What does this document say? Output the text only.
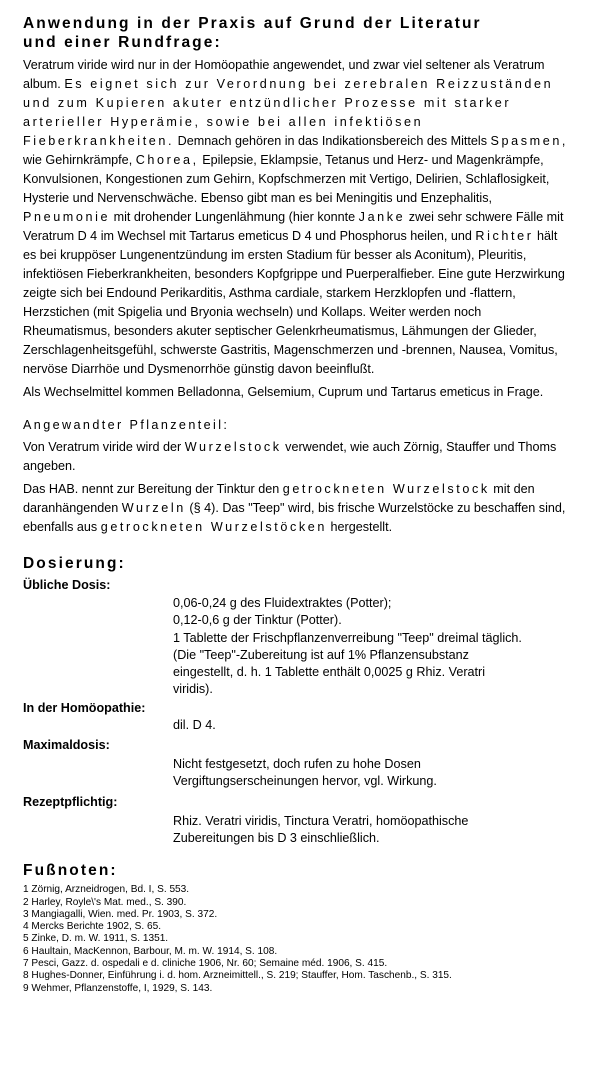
Anwendung in der Praxis auf Grund der Literatur
und einer Rundfrage:

Veratrum viride wird nur in der Homöopathie angewendet, und zwar viel seltener als Veratrum album. Es eignet sich zur Verordnung bei zerebralen Reizzuständen und zum Kupieren akuter entzündlicher Prozesse mit starker arterieller Hyperämie, sowie bei allen infektiösen Fieberkrankheiten. Demnach gehören in das Indikationsbereich des Mittels Spasmen, wie Gehirnkrämpfe, Chorea, Epilepsie, Eklampsie, Tetanus und Herz- und Magenkrämpfe, Konvulsionen, Kongestionen zum Gehirn, Kopfschmerzen mit Vertigo, Delirien, Schlaflosigkeit, Hysterie und Nervenschwäche. Ebenso gibt man es bei Meningitis und Enzephalitis, Pneumonie mit drohender Lungenlähmung (hier konnte Janke zwei sehr schwere Fälle mit Veratrum D 4 im Wechsel mit Tartarus emeticus D 4 und Phosphorus heilen, und Richter hält es bei kruppöser Lungenentzündung im ersten Stadium für besser als Aconitum), Pleuritis, infektiösen Fieberkrankheiten, besonders Kopfgrippe und Puerperalfieber. Eine gute Herzwirkung zeigte sich bei Endound Perikarditis, Asthma cardiale, starkem Herzklopfen und -flattern, Herzstichen (mit Spigelia und Bryonia wechseln) und Kollaps. Weiter werden noch Rheumatismus, besonders akuter septischer Gelenkrheumatismus, Lähmungen der Glieder, Zerschlagenheitsgefühl, schwerste Gastritis, Magenschmerzen und -brennen, Nausea, Vomitus, nervöse Diarrhöe und Dysmenorrhöe günstig davon beeinflußt.

Als Wechselmittel kommen Belladonna, Gelsemium, Cuprum und Tartarus emeticus in Frage.

Angewandter Pflanzenteil:

Von Veratrum viride wird der Wurzelstock verwendet, wie auch Zörnig, Stauffer und Thoms angeben.

Das HAB. nennt zur Bereitung der Tinktur den getrockneten Wurzelstock mit den daranhängenden Wurzeln (§ 4). Das "Teep" wird, bis frische Wurzelstöcke zu beschaffen sind, ebenfalls aus getrockneten Wurzelstöcken hergestellt.

Dosierung:
Übliche Dosis:
0,06-0,24 g des Fluidextraktes (Potter);
0,12-0,6 g der Tinktur (Potter).
1 Tablette der Frischpflanzenverreibung "Teep" dreimal täglich.
(Die "Teep"-Zubereitung ist auf 1% Pflanzensubstanz
eingestellt, d. h. 1 Tablette enthält 0,0025 g Rhiz. Veratri
viridis).
In der Homöopathie:
dil. D 4.
Maximaldosis:
Nicht festgesetzt, doch rufen zu hohe Dosen
Vergiftungserscheinungen hervor, vgl. Wirkung.
Rezeptpflichtig:
Rhiz. Veratri viridis, Tinctura Veratri, homöopathische
Zubereitungen bis D 3 einschließlich.
Fußnoten:

1 Zörnig, Arzneidrogen, Bd. I, S. 553.

2 Harley, Royle\'s Mat. med., S. 390.

3 Mangiagalli, Wien. med. Pr. 1903, S. 372.

4 Mercks Berichte 1902, S. 65.

5 Zinke, D. m. W. 1911, S. 1351.

6 Haultain, MacKennon, Barbour, M. m. W. 1914, S. 108.

7 Pesci, Gazz. d. ospedali e d. cliniche 1906, Nr. 60; Semaine méd. 1906, S. 415.

8 Hughes-Donner, Einführung i. d. hom. Arzneimittell., S. 219; Stauffer, Hom. Taschenb., S. 315.

9 Wehmer, Pflanzenstoffe, I, 1929, S. 143.
